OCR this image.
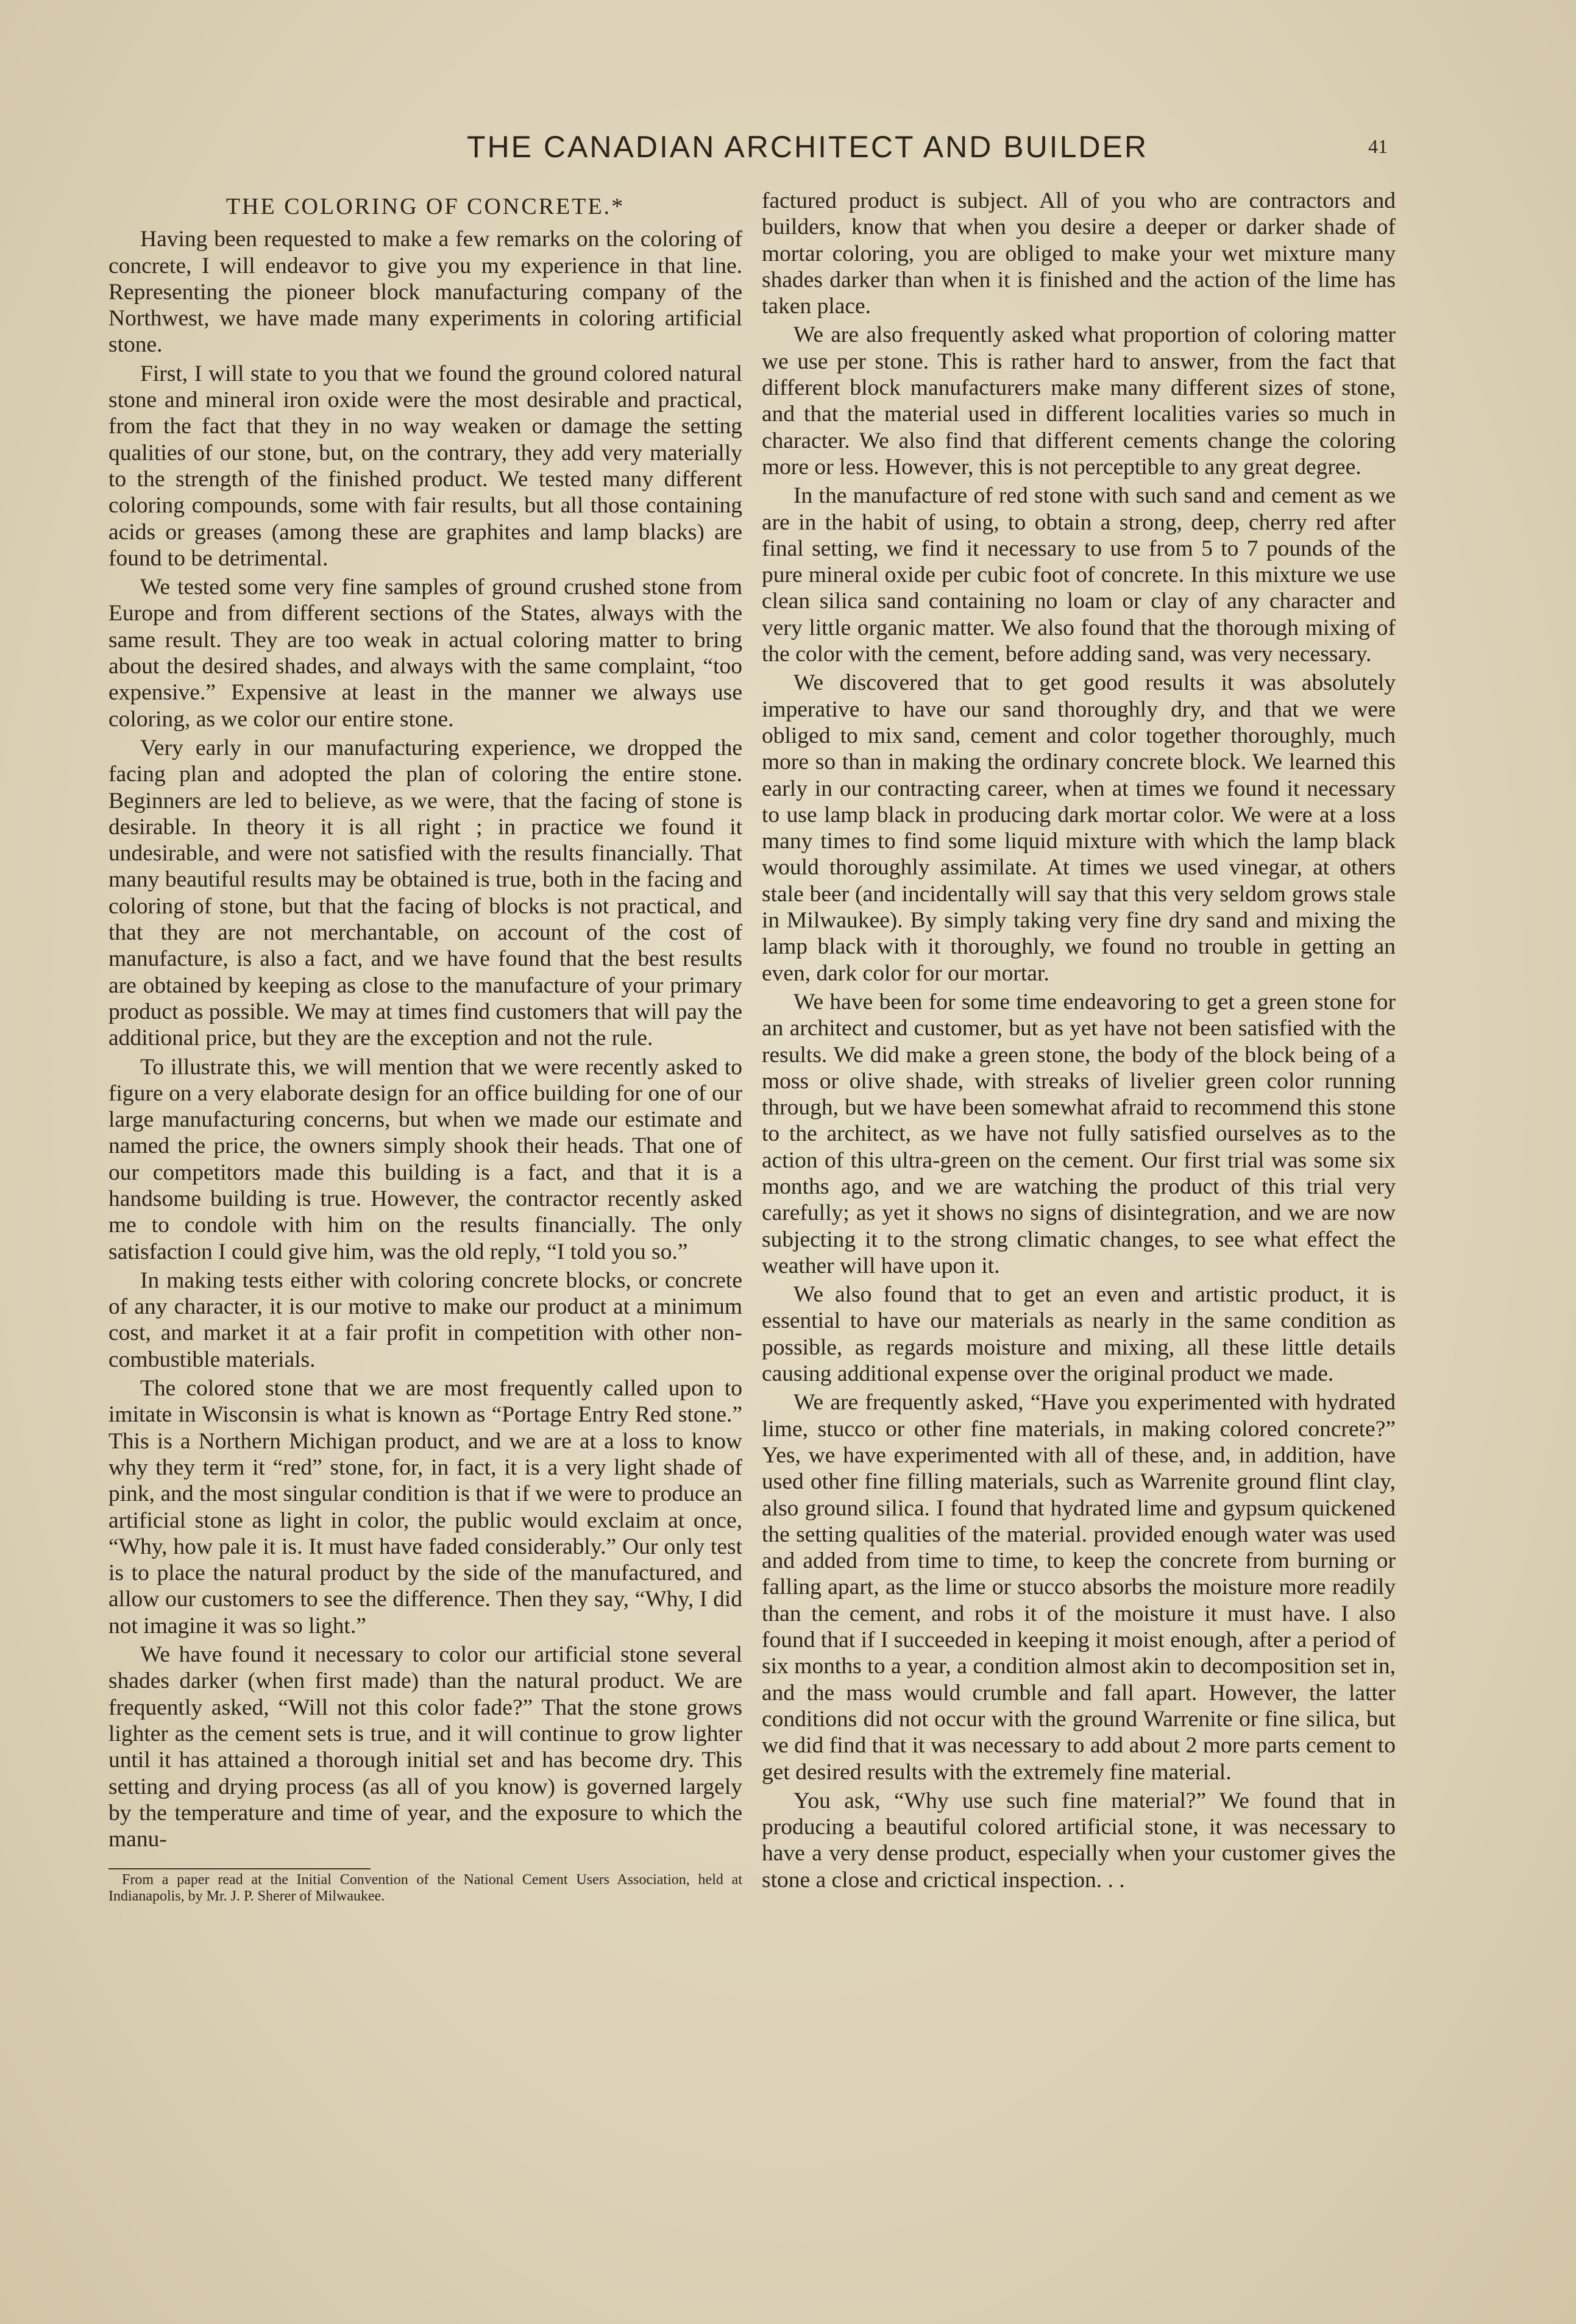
THE CANADIAN ARCHITECT AND BUILDER	41
THE COLORING OF CONCRETE.*

Having been requested to make a few remarks on the coloring of concrete, I will endeavor to give you my experience in that line. Representing the pioneer block manufacturing company of the Northwest, we have made many experiments in coloring artificial stone.

First, I will state to you that we found the ground colored natural stone and mineral iron oxide were the most desirable and practical, from the fact that they in no way weaken or damage the setting qualities of our stone, but, on the contrary, they add very materially to the strength of the finished product. We tested many different coloring compounds, some with fair results, but all those containing acids or greases (among these are graphites and lamp blacks) are found to be detrimental.

We tested some very fine samples of ground crushed stone from Europe and from different sections of the States, always with the same result. They are too weak in actual coloring matter to bring about the desired shades, and always with the same complaint, “too expensive.” Expensive at least in the manner we always use coloring, as we color our entire stone.

Very early in our manufacturing experience, we dropped the facing plan and adopted the plan of coloring the entire stone. Beginners are led to believe, as we were, that the facing of stone is desirable. In theory it is all right ; in practice we found it undesirable, and were not satisfied with the results financially. That many beautiful results may be obtained is true, both in the facing and coloring of stone, but that the facing of blocks is not practical, and that they are not merchantable, on account of the cost of manufacture, is also a fact, and we have found that the best results are obtained by keeping as close to the manufacture of your primary product as possible. We may at times find customers that will pay the additional price, but they are the exception and not the rule.

To illustrate this, we will mention that we were recently asked to figure on a very elaborate design for an office building for one of our large manufacturing concerns, but when we made our estimate and named the price, the owners simply shook their heads. That one of our competitors made this building is a fact, and that it is a handsome building is true. However, the contractor recently asked me to condole with him on the results financially. The only satisfaction I could give him, was the old reply, “I told you so.”

In making tests either with coloring concrete blocks, or concrete of any character, it is our motive to make our product at a minimum cost, and market it at a fair profit in competition with other non-combustible materials.

The colored stone that we are most frequently called upon to imitate in Wisconsin is what is known as “Portage Entry Red stone.” This is a Northern Michigan product, and we are at a loss to know why they term it “red” stone, for, in fact, it is a very light shade of pink, and the most singular condition is that if we were to produce an artificial stone as light in color, the public would exclaim at once, “Why, how pale it is. It must have faded considerably.” Our only test is to place the natural product by the side of the manufactured, and allow our customers to see the difference. Then they say, “Why, I did not imagine it was so light.”

We have found it necessary to color our artificial stone several shades darker (when first made) than the natural product. We are frequently asked, “Will not this color fade?” That the stone grows lighter as the cement sets is true, and it will continue to grow lighter until it has attained a thorough initial set and has become dry. This setting and drying process (as all of you know) is governed largely by the temperature and time of year, and the exposure to which the manu-

From a paper read at the Initial Convention of the National Cement Users Association, held at Indianapolis, by Mr. J. P. Sherer of Milwaukee.

factured product is subject. All of you who are contractors and builders, know that when you desire a deeper or darker shade of mortar coloring, you are obliged to make your wet mixture many shades darker than when it is finished and the action of the lime has taken place.

We are also frequently asked what proportion of coloring matter we use per stone. This is rather hard to answer, from the fact that different block manufacturers make many different sizes of stone, and that the material used in different localities varies so much in character. We also find that different cements change the coloring more or less. However, this is not perceptible to any great degree.

In the manufacture of red stone with such sand and cement as we are in the habit of using, to obtain a strong, deep, cherry red after final setting, we find it necessary to use from 5 to 7 pounds of the pure mineral oxide per cubic foot of concrete. In this mixture we use clean silica sand containing no loam or clay of any character and very little organic matter. We also found that the thorough mixing of the color with the cement, before adding sand, was very necessary.

We discovered that to get good results it was absolutely imperative to have our sand thoroughly dry, and that we were obliged to mix sand, cement and color together thoroughly, much more so than in making the ordinary concrete block. We learned this early in our contracting career, when at times we found it necessary to use lamp black in producing dark mortar color. We were at a loss many times to find some liquid mixture with which the lamp black would thoroughly assimilate. At times we used vinegar, at others stale beer (and incidentally will say that this very seldom grows stale in Milwaukee). By simply taking very fine dry sand and mixing the lamp black with it thoroughly, we found no trouble in getting an even, dark color for our mortar.

We have been for some time endeavoring to get a green stone for an architect and customer, but as yet have not been satisfied with the results. We did make a green stone, the body of the block being of a moss or olive shade, with streaks of livelier green color running through, but we have been somewhat afraid to recommend this stone to the architect, as we have not fully satisfied ourselves as to the action of this ultra-green on the cement. Our first trial was some six months ago, and we are watching the product of this trial very carefully; as yet it shows no signs of disintegration, and we are now subjecting it to the strong climatic changes, to see what effect the weather will have upon it.

We also found that to get an even and artistic product, it is essential to have our materials as nearly in the same condition as possible, as regards moisture and mixing, all these little details causing additional expense over the original product we made.

We are frequently asked, “Have you experimented with hydrated lime, stucco or other fine materials, in making colored concrete?” Yes, we have experimented with all of these, and, in addition, have used other fine filling materials, such as Warrenite ground flint clay, also ground silica. I found that hydrated lime and gypsum quickened the setting qualities of the material. provided enough water was used and added from time to time, to keep the concrete from burning or falling apart, as the lime or stucco absorbs the moisture more readily than the cement, and robs it of the moisture it must have. I also found that if I succeeded in keeping it moist enough, after a period of six months to a year, a condition almost akin to decomposition set in, and the mass would crumble and fall apart. However, the latter conditions did not occur with the ground Warrenite or fine silica, but we did find that it was necessary to add about 2 more parts cement to get desired results with the extremely fine material.

You ask, “Why use such fine material?” We found that in producing a beautiful colored artificial stone, it was necessary to have a very dense product, especially when your customer gives the stone a close and crictical inspection. . .
